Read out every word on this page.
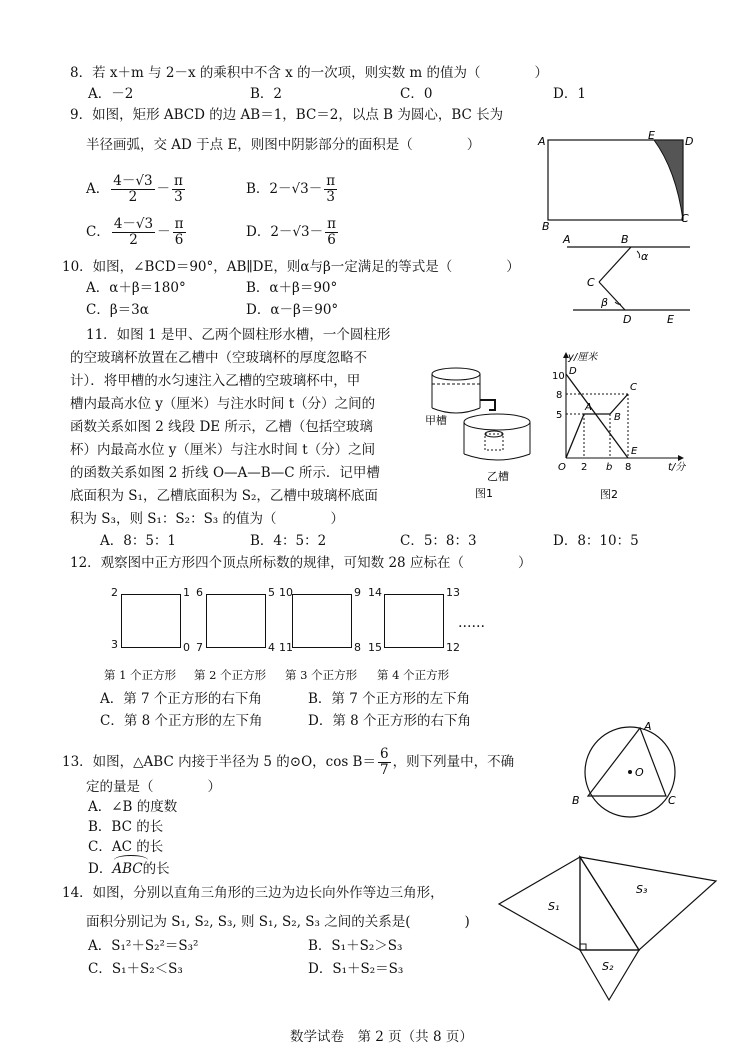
8．若 x＋m 与 2－x 的乘积中不含 x 的一次项，则实数 m 的值为（　　　　）
A．－2	B．2	C．0	D．1
9．如图，矩形 ABCD 的边 AB＝1，BC＝2，以点 B 为圆心，BC 长为
半径画弧，交 AD 于点 E，则图中阴影部分的面积是（　　　　）
A． $\frac{4-√3}{2} - \frac{\pi}{3}$	B．$2-√3- \frac{\pi}{3}$
C． $\frac{4-√3}{2} - \frac{\pi}{6}$	D．$2-√3- \frac{\pi}{6}$
A	E	D
B
C
10．如图，∠BCD＝90°，AB∥DE，则α与β一定满足的等式是（　　　　）
A．α＋β＝180°	B．α＋β＝90°
C．β＝3α	D．α－β＝90°
A	B
α
C
β
D	E
11．如图 1 是甲、乙两个圆柱形水槽，一个圆柱形
的空玻璃杯放置在乙槽中（空玻璃杯的厚度忽略不
计）．将甲槽的水匀速注入乙槽的空玻璃杯中，甲
槽内最高水位 y（厘米）与注水时间 t（分）之间的
函数关系如图 2 线段 DE 所示，乙槽（包括空玻璃
杯）内最高水位 y（厘米）与注水时间 t（分）之间
的函数关系如图 2 折线 O—A—B—C 所示．记甲槽
底面积为 S₁，乙槽底面积为 S₂，乙槽中玻璃杯底面
积为 S₃，则 S₁：S₂：S₃ 的值为（　　　　）
A．8：5：1	B．4：5：2	C．5：8：3	D．8：10：5
甲槽
乙槽
图1
y/厘米
t/分
10
8
5
2 b 8
O
D
A
B
C
E
图2
12．观察图中正方形四个顶点所标数的规律，可知数 28 应标在（　　　　）
2	1
3	0
6	5
7	4
10	9
11	8
14	13
15	12
……
第 1 个正方形 第 2 个正方形 第 3 个正方形 第 4 个正方形
A．第 7 个正方形的右下角	B．第 7 个正方形的左下角
C．第 8 个正方形的左下角	D．第 8 个正方形的右下角
13．如图，△ABC 内接于半径为 5 的⊙O，$\cos B= \frac{6}{7}$ ，则下列量中，不确
定的量是（　　　　）
A．∠B 的度数
B．BC 的长
C．AC 的长
D．
ABC的长
A
B	C
O
14．如图，分别以直角三角形的三边为边长向外作等边三角形，
面积分别记为 S₁, S₂, S₃, 则 S₁, S₂, S₃ 之间的关系是(　　　　)
A．S₁²＋S₂²＝S₃²	B．S₁＋S₂＞S₃
C．S₁＋S₂＜S₃	D．S₁＋S₂＝S₃
S₁
S₃
S₂
数学试卷　第 2 页（共 8 页）
